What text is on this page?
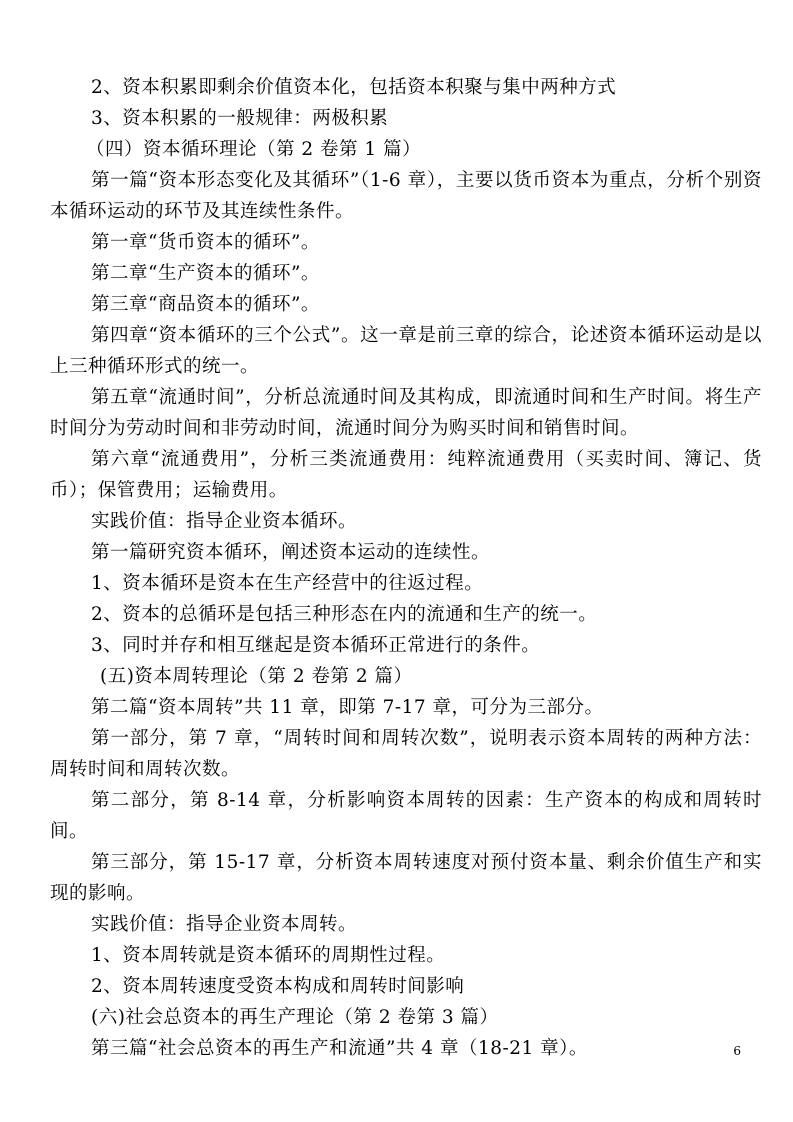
2、资本积累即剩余价值资本化，包括资本积聚与集中两种方式

3、资本积累的一般规律：两极积累

（四）资本循环理论（第 2 卷第 1 篇）

第一篇“资本形态变化及其循环”（1-6 章），主要以货币资本为重点，分析个别资本循环运动的环节及其连续性条件。

第一章“货币资本的循环”。

第二章“生产资本的循环”。

第三章“商品资本的循环”。

第四章“资本循环的三个公式”。这一章是前三章的综合，论述资本循环运动是以上三种循环形式的统一。

第五章“流通时间”，分析总流通时间及其构成，即流通时间和生产时间。将生产时间分为劳动时间和非劳动时间，流通时间分为购买时间和销售时间。

第六章“流通费用”，分析三类流通费用：纯粹流通费用（买卖时间、簿记、货币）；保管费用；运输费用。

实践价值：指导企业资本循环。

第一篇研究资本循环，阐述资本运动的连续性。

1、资本循环是资本在生产经营中的往返过程。

2、资本的总循环是包括三种形态在内的流通和生产的统一。

3、同时并存和相互继起是资本循环正常进行的条件。

(五)资本周转理论（第 2 卷第 2 篇）

第二篇“资本周转”共 11 章，即第 7-17 章，可分为三部分。

第一部分，第 7 章，“周转时间和周转次数”，说明表示资本周转的两种方法：周转时间和周转次数。

第二部分，第 8-14 章，分析影响资本周转的因素：生产资本的构成和周转时间。

第三部分，第 15-17 章，分析资本周转速度对预付资本量、剩余价值生产和实现的影响。

实践价值：指导企业资本周转。

1、资本周转就是资本循环的周期性过程。

2、资本周转速度受资本构成和周转时间影响

(六)社会总资本的再生产理论（第 2 卷第 3 篇）

第三篇“社会总资本的再生产和流通”共 4 章（18-21 章）。	6
